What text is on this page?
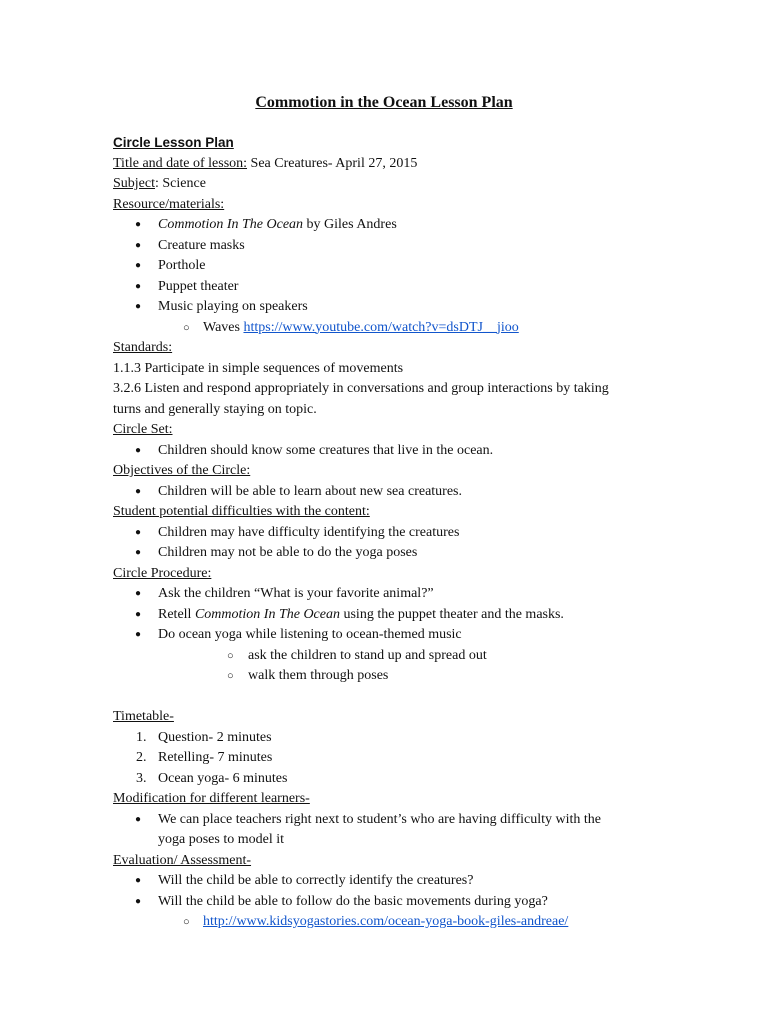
Commotion in the Ocean Lesson Plan
Circle Lesson Plan
Title and date of lesson: Sea Creatures- April 27, 2015
Subject: Science
Resource/materials:
● Commotion In The Ocean by Giles Andres
● Creature masks
● Porthole
● Puppet theater
● Music playing on speakers
○ Waves https://www.youtube.com/watch?v=dsDTJ__jioo
Standards:
1.1.3 Participate in simple sequences of movements
3.2.6 Listen and respond appropriately in conversations and group interactions by taking
turns and generally staying on topic.
Circle Set:
● Children should know some creatures that live in the ocean.
Objectives of the Circle:
● Children will be able to learn about new sea creatures.
Student potential difficulties with the content:
● Children may have difficulty identifying the creatures
● Children may not be able to do the yoga poses
Circle Procedure:
● Ask the children “What is your favorite animal?”
● Retell Commotion In The Ocean using the puppet theater and the masks.
● Do ocean yoga while listening to ocean-themed music
○ ask the children to stand up and spread out
○ walk them through poses
Timetable-
1. Question- 2 minutes
2. Retelling- 7 minutes
3. Ocean yoga- 6 minutes
Modification for different learners-
● We can place teachers right next to student’s who are having difficulty with the
yoga poses to model it
Evaluation/ Assessment-
● Will the child be able to correctly identify the creatures?
● Will the child be able to follow do the basic movements during yoga?
○ http://www.kidsyogastories.com/ocean-yoga-book-giles-andreae/
